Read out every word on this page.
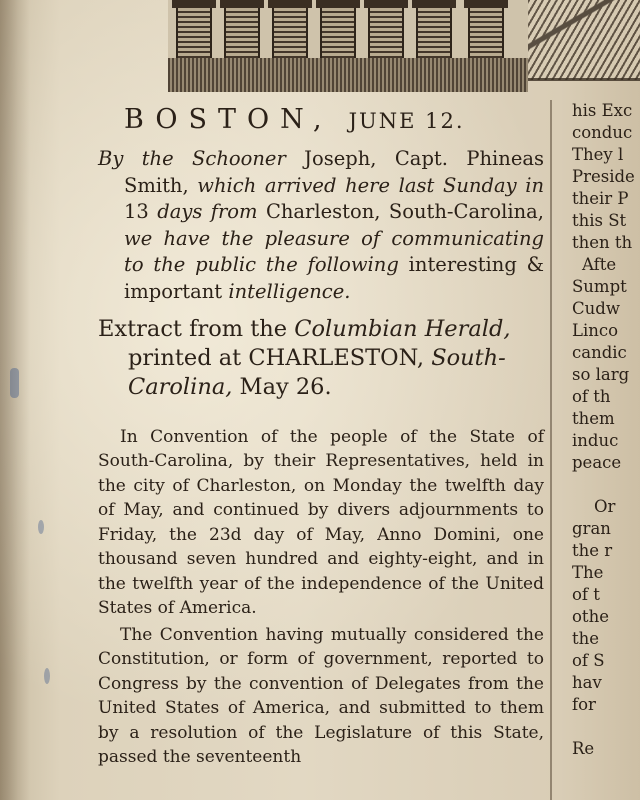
BOSTON, JUNE 12.

By the Schooner Joseph, Capt. Phineas Smith, which arrived here last Sunday in 13 days from Charleston, South-Carolina, we have the pleasure of communicating to the public the following interesting & important intelligence.

Extract from the Columbian Herald, printed at CHARLESTON, South-Carolina, May 26.

In Convention of the people of the State of South-Carolina, by their Representatives, held in the city of Charleston, on Monday the twelfth day of May, and continued by divers adjournments to Friday, the 23d day of May, Anno Domini, one thousand seven hundred and eighty-eight, and in the twelfth year of the independence of the United States of America.

The Convention having mutually considered the Constitution, or form of government, reported to Congress by the convention of Delegates from the United States of America, and submitted to them by a resolution of the Legislature of this State, passed the seventeenth

his Exc
conduc
They l
Preside
their P
this St
then th
Afte
Sumpt
Cudw
Linco
candic
so larg
of th
them
induc
peace
Or
gran
the r
The
of t
othe
the
of S
hav
for
Re
